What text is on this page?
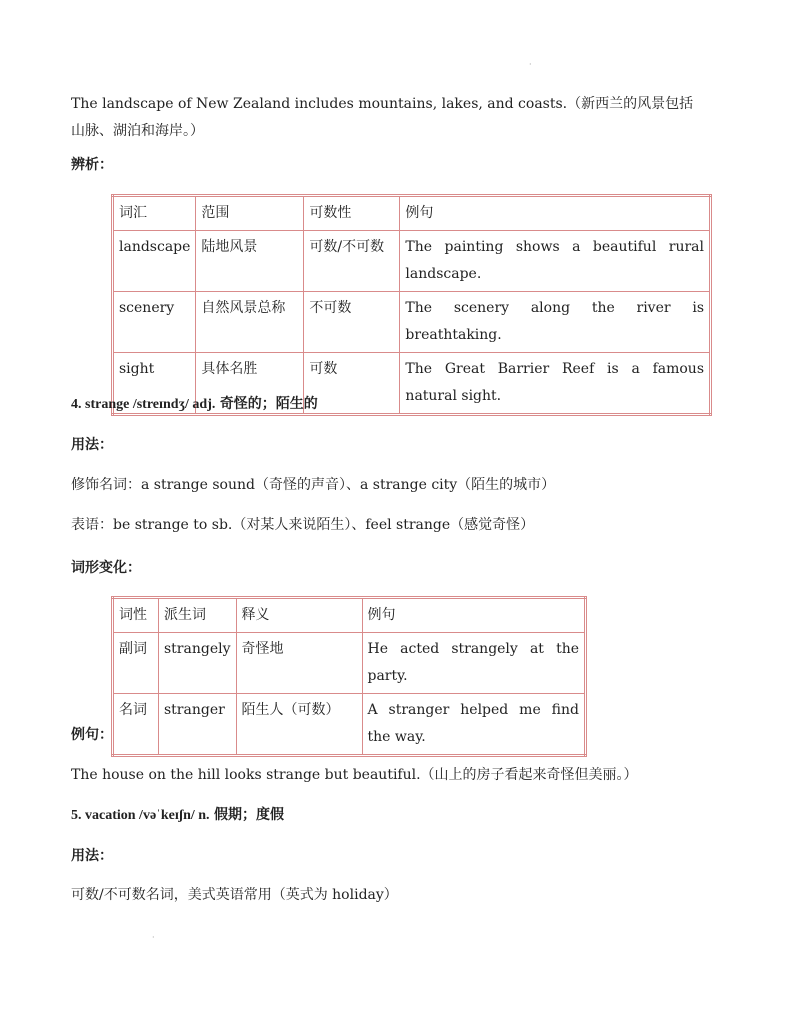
·
The landscape of New Zealand includes mountains, lakes, and coasts.（新西兰的风景包括
山脉、湖泊和海岸。）
辨析：
词汇	范围	可数性	例句
landscape	陆地风景	可数/不可数	The painting shows a beautiful rural landscape.
scenery	自然风景总称	不可数	The scenery along the river is breathtaking.
sight	具体名胜	可数	The Great Barrier Reef is a famous natural sight.
4. strange /streɪndʒ/ adj. 奇怪的；陌生的
用法：
修饰名词：a strange sound（奇怪的声音）、a strange city（陌生的城市）
表语：be strange to sb.（对某人来说陌生）、feel strange（感觉奇怪）
词形变化：
词性	派生词	释义	例句
副词	strangely	奇怪地	He acted strangely at the party.
名词	stranger	陌生人（可数）	A stranger helped me find the way.
例句：
The house on the hill looks strange but beautiful.（山上的房子看起来奇怪但美丽。）
5. vacation /vəˈkeɪʃn/ n. 假期；度假
用法：
可数/不可数名词，美式英语常用（英式为 holiday）
·
